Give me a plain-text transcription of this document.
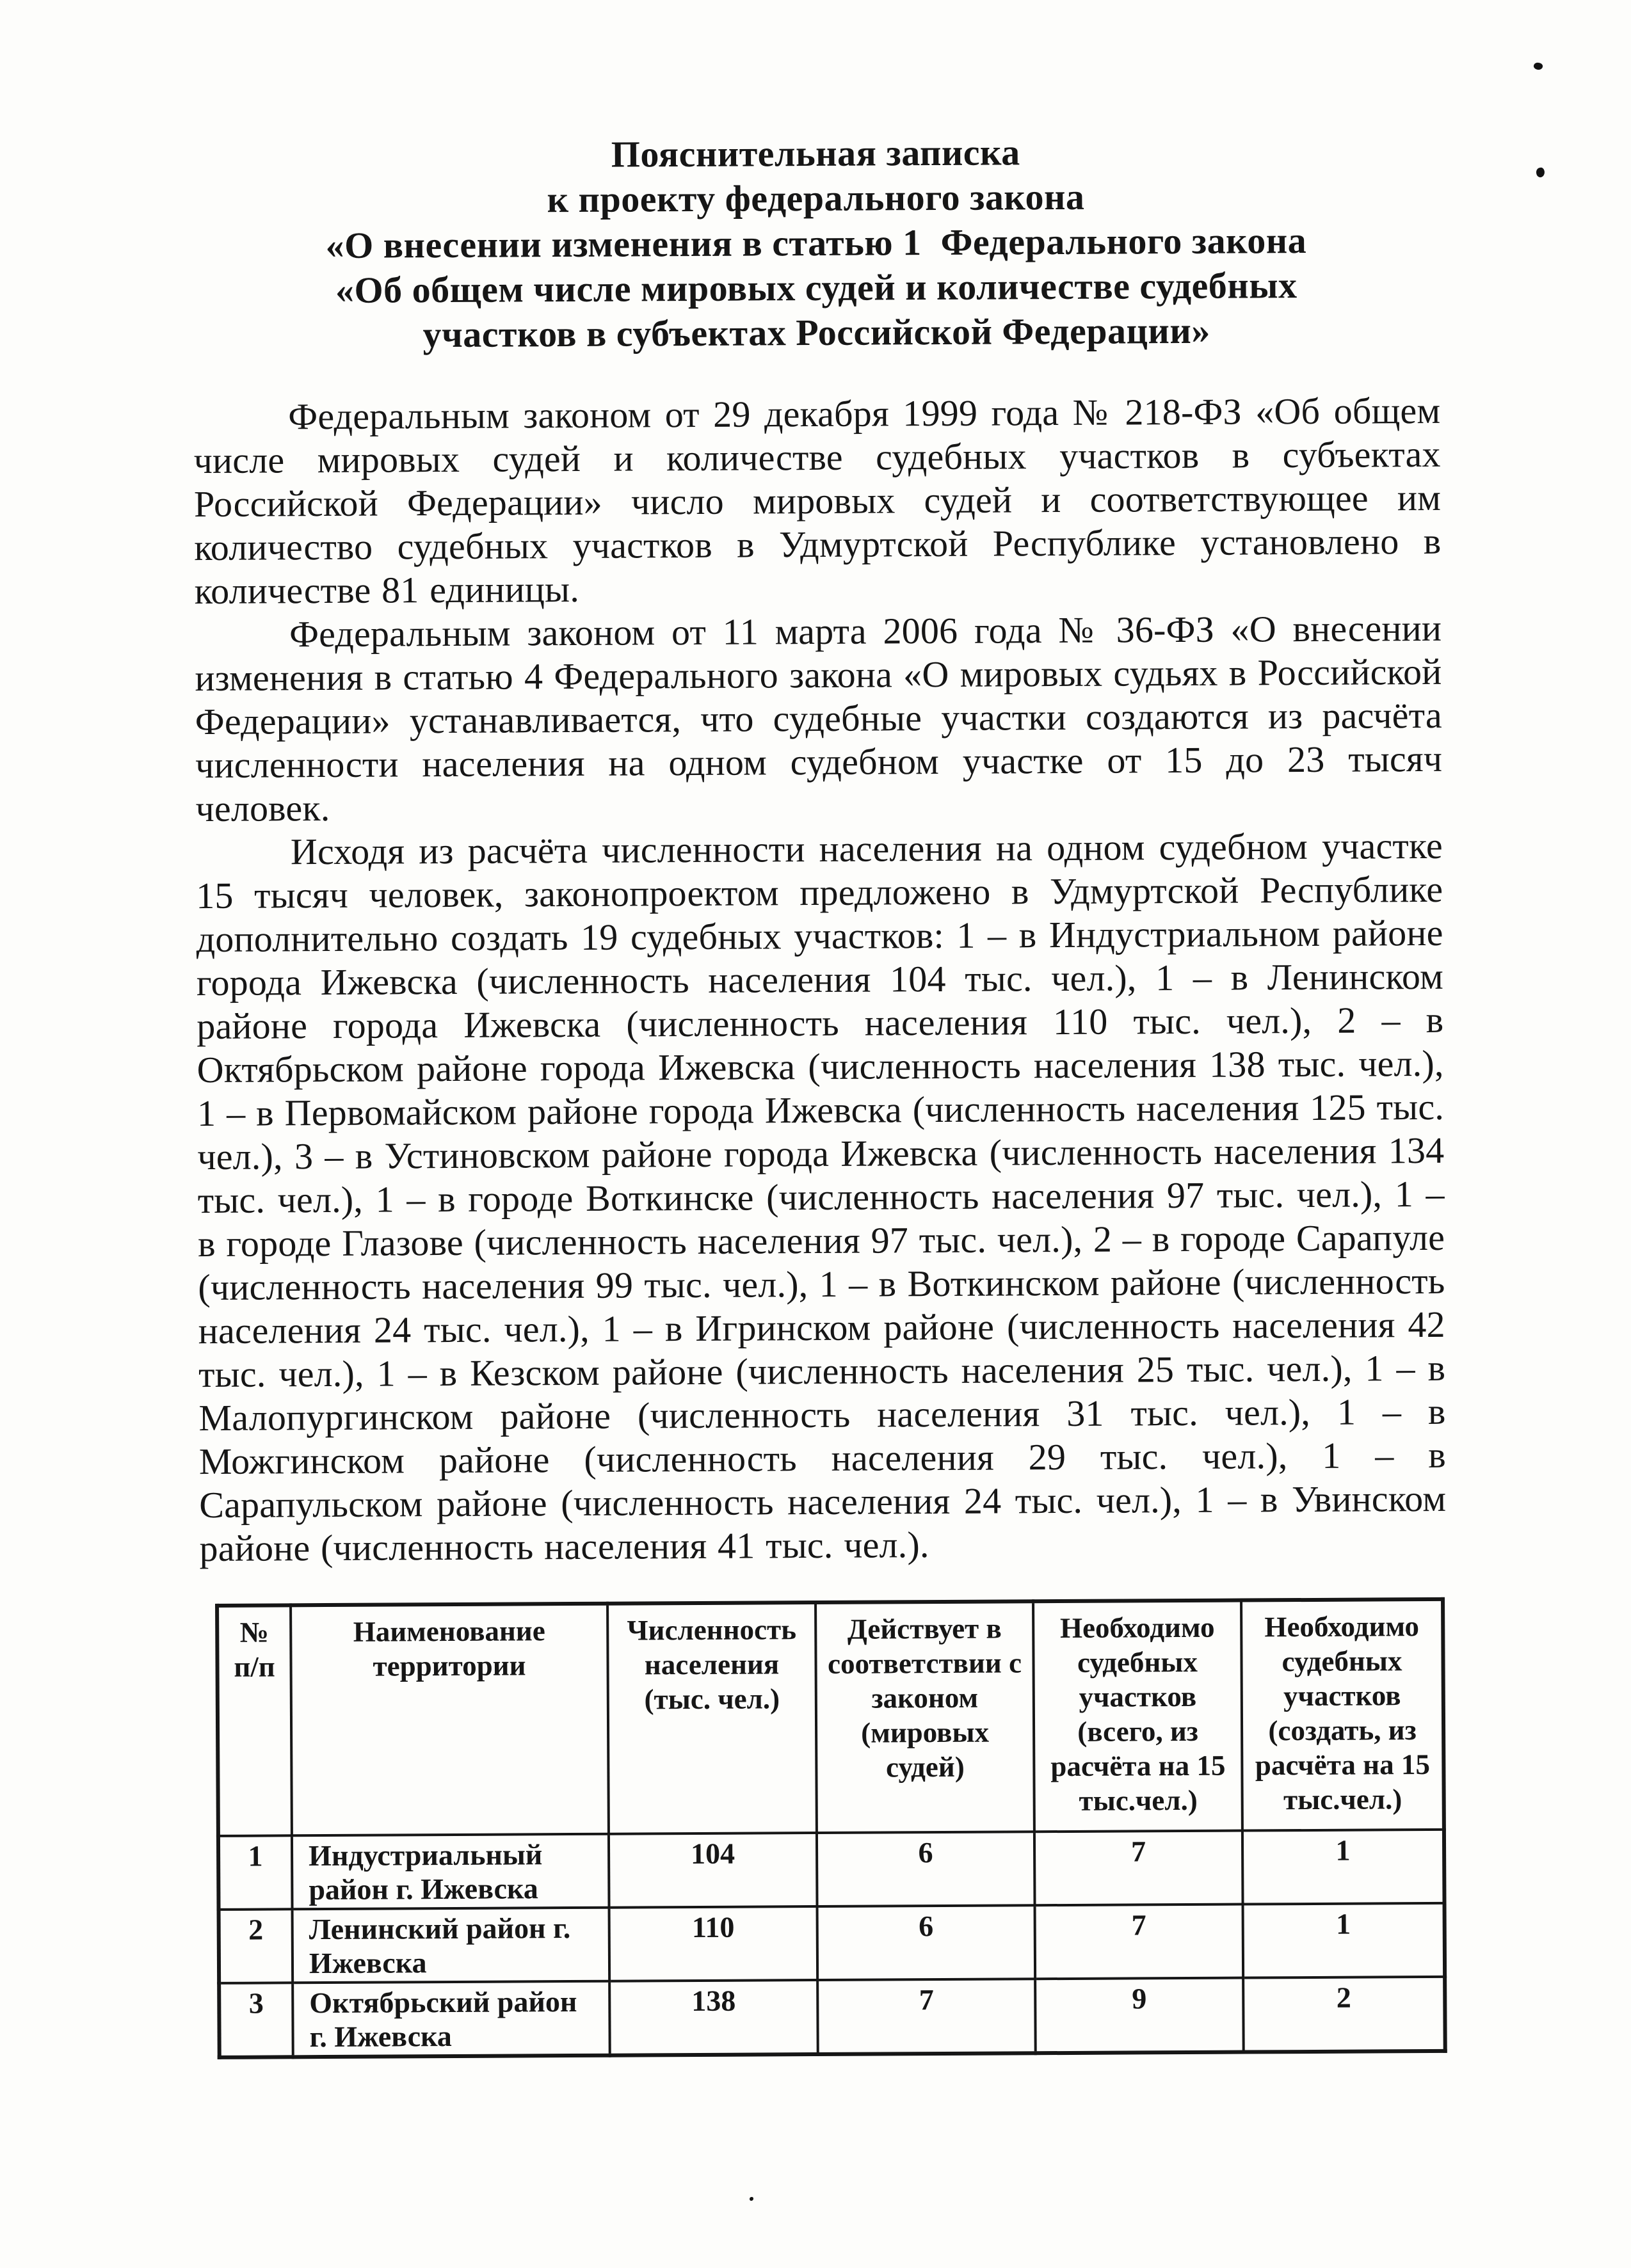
Пояснительная записка
к проекту федерального закона
«О внесении изменения в статью 1  Федерального закона
«Об общем числе мировых судей и количестве судебных
участков в субъектах Российской Федерации»

Федеральным законом от 29 декабря 1999 года № 218-ФЗ «Об общем числе мировых судей и количестве судебных участков в субъектах Российской Федерации» число мировых судей и соответствующее им количество судебных участков в Удмуртской Республике установлено в количестве 81 единицы.

Федеральным законом от 11 марта 2006 года № 36-ФЗ «О внесении изменения в статью 4 Федерального закона «О мировых судьях в Российской Федерации» устанавливается, что судебные участки создаются из расчёта численности населения на одном судебном участке от 15 до 23 тысяч человек.

Исходя из расчёта численности населения на одном судебном участке 15 тысяч человек, законопроектом предложено в Удмуртской Республике дополнительно создать 19 судебных участков: 1 – в Индустриальном районе города Ижевска (численность населения 104 тыс. чел.), 1 – в Ленинском районе города Ижевска (численность населения 110 тыс. чел.), 2 – в Октябрьском районе города Ижевска (численность населения 138 тыс. чел.), 1 – в Первомайском районе города Ижевска (численность населения 125 тыс. чел.), 3 – в Устиновском районе города Ижевска (численность населения 134 тыс. чел.), 1 – в городе Воткинске (численность населения 97 тыс. чел.), 1 – в городе Глазове (численность населения 97 тыс. чел.), 2 – в городе Сарапуле (численность населения 99 тыс. чел.), 1 – в Воткинском районе (численность населения 24 тыс. чел.), 1 – в Игринском районе (численность населения 42 тыс. чел.), 1 – в Кезском районе (численность населения 25 тыс. чел.), 1 – в Малопургинском районе (численность населения 31 тыс. чел.), 1 – в Можгинском районе (численность населения 29 тыс. чел.), 1 – в Сарапульском районе (численность населения 24 тыс. чел.), 1 – в Увинском районе (численность населения 41 тыс. чел.).

№ п/п	Наименование территории	Численность населения (тыс. чел.)	Действует в соответствии с законом (мировых судей)	Необходимо судебных участков (всего, из расчёта на 15 тыс.чел.)	Необходимо судебных участков (создать, из расчёта на 15 тыс.чел.)
1	Индустриальный район г. Ижевска	104	6	7	1
2	Ленинский район г. Ижевска	110	6	7	1
3	Октябрьский район г. Ижевска	138	7	9	2
